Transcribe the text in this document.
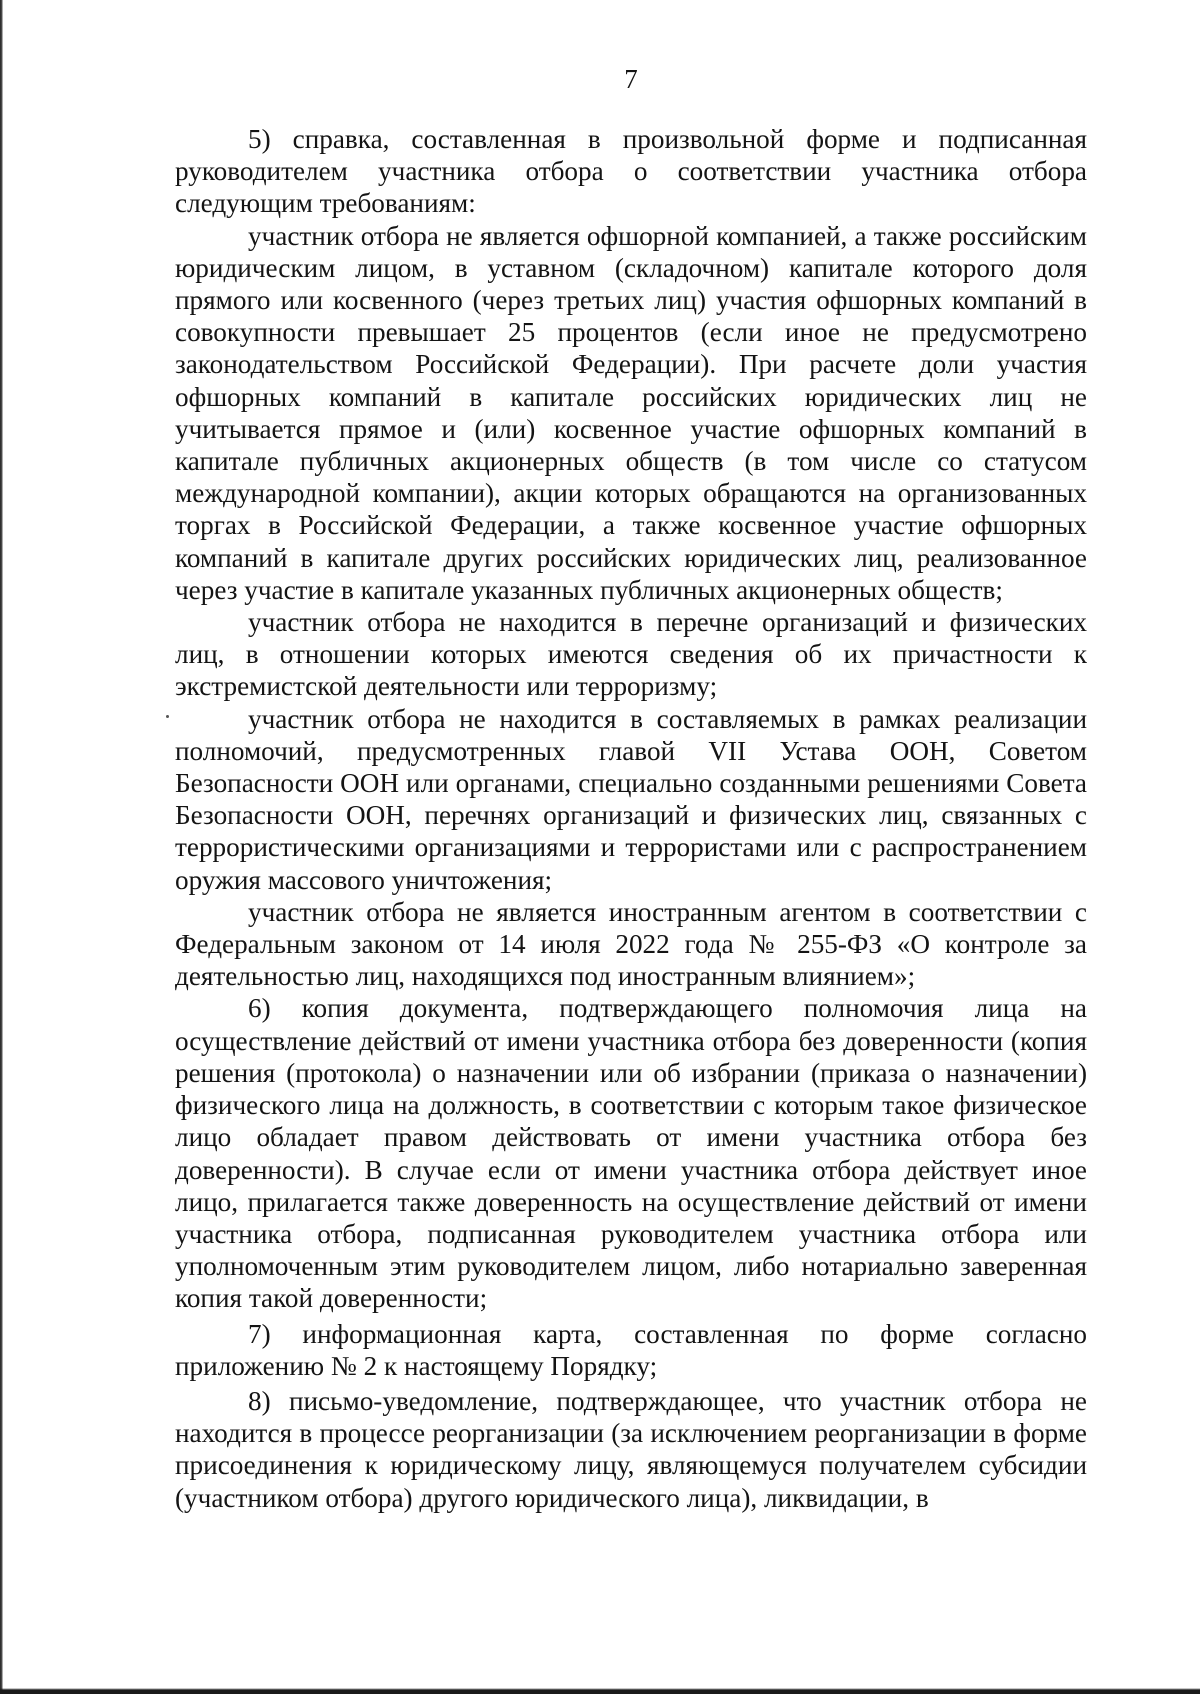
7

5) справка, составленная в произвольной форме и подписанная руководителем участника отбора о соответствии участника отбора следующим требованиям:

участник отбора не является офшорной компанией, а также российским юридическим лицом, в уставном (складочном) капитале которого доля прямого или косвенного (через третьих лиц) участия офшорных компаний в совокупности превышает 25 процентов (если иное не предусмотрено законодательством Российской Федерации). При расчете доли участия офшорных компаний в капитале российских юридических лиц не учитывается прямое и (или) косвенное участие офшорных компаний в капитале публичных акционерных обществ (в том числе со статусом международной компании), акции которых обращаются на организованных торгах в Российской Федерации, а также косвенное участие офшорных компаний в капитале других российских юридических лиц, реализованное через участие в капитале указанных публичных акционерных обществ;

участник отбора не находится в перечне организаций и физических лиц, в отношении которых имеются сведения об их причастности к экстремистской деятельности или терроризму;

участник отбора не находится в составляемых в рамках реализации полномочий, предусмотренных главой VII Устава ООН, Советом Безопасности ООН или органами, специально созданными решениями Совета Безопасности ООН, перечнях организаций и физических лиц, связанных с террористическими организациями и террористами или с распространением оружия массового уничтожения;

участник отбора не является иностранным агентом в соответствии с Федеральным законом от 14 июля 2022 года № 255-ФЗ «О контроле за деятельностью лиц, находящихся под иностранным влиянием»;

6) копия документа, подтверждающего полномочия лица на осуществление действий от имени участника отбора без доверенности (копия решения (протокола) о назначении или об избрании (приказа о назначении) физического лица на должность, в соответствии с которым такое физическое лицо обладает правом действовать от имени участника отбора без доверенности). В случае если от имени участника отбора действует иное лицо, прилагается также доверенность на осуществление действий от имени участника отбора, подписанная руководителем участника отбора или уполномоченным этим руководителем лицом, либо нотариально заверенная копия такой доверенности;

7) информационная карта, составленная по форме согласно приложению № 2 к настоящему Порядку;

8) письмо-уведомление, подтверждающее, что участник отбора не находится в процессе реорганизации (за исключением реорганизации в форме присоединения к юридическому лицу, являющемуся получателем субсидии (участником отбора) другого юридического лица), ликвидации, в
